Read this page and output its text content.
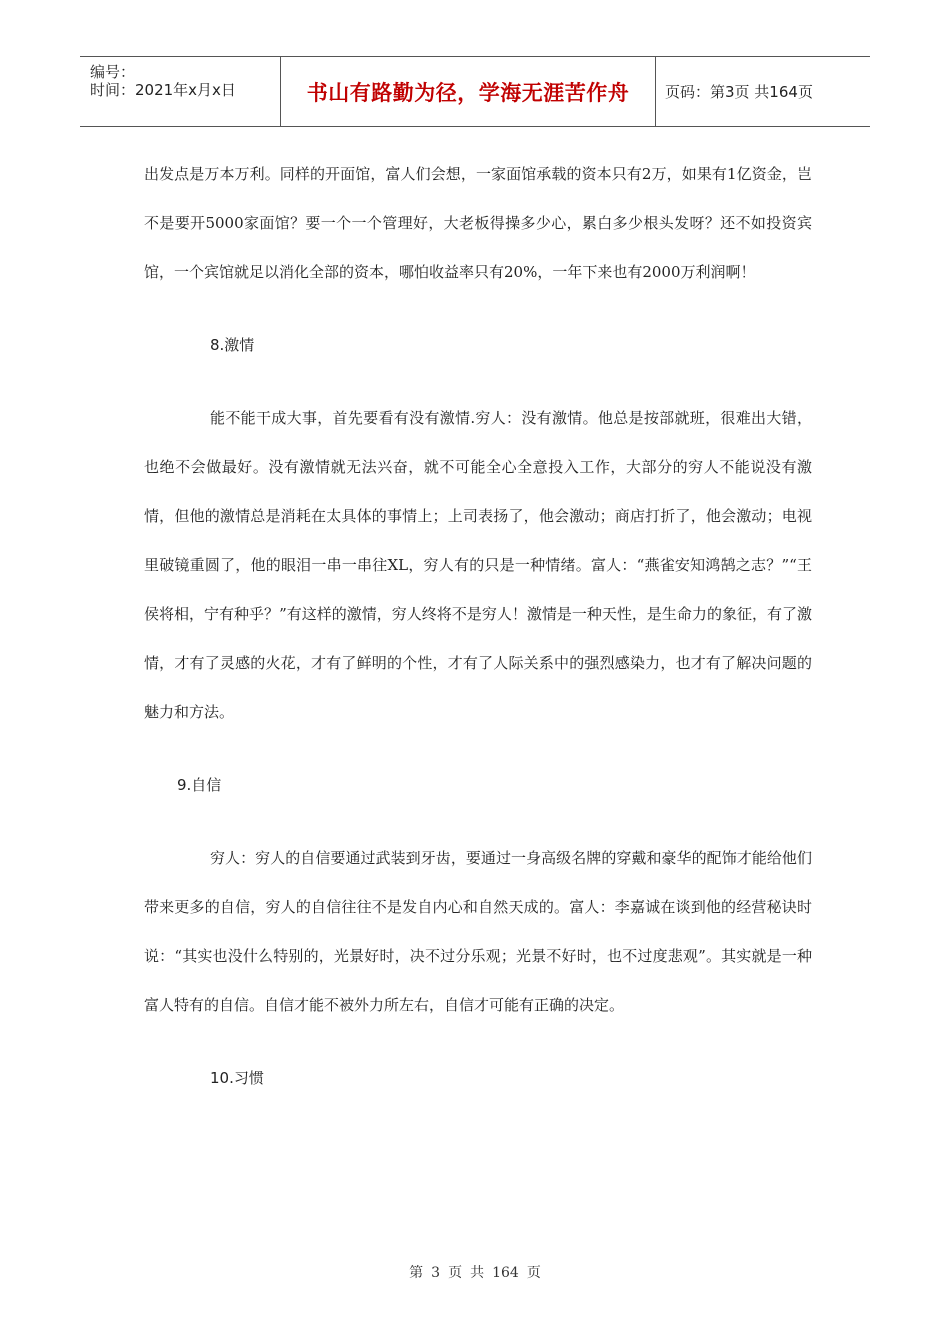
编号：
时间：2021年x月x日	书山有路勤为径，学海无涯苦作舟	页码：第3页 共164页

出发点是万本万利。同样的开面馆，富人们会想，一家面馆承载的资本只有2万，如果有1亿资金，岂不是要开5000家面馆？要一个一个管理好，大老板得操多少心，累白多少根头发呀？还不如投资宾馆，一个宾馆就足以消化全部的资本，哪怕收益率只有20%，一年下来也有2000万利润啊！

8.激情

能不能干成大事，首先要看有没有激情.穷人：没有激情。他总是按部就班，很难出大错，也绝不会做最好。没有激情就无法兴奋，就不可能全心全意投入工作，大部分的穷人不能说没有激情，但他的激情总是消耗在太具体的事情上；上司表扬了，他会激动；商店打折了，他会激动；电视里破镜重圆了，他的眼泪一串一串往XL，穷人有的只是一种情绪。富人：“燕雀安知鸿鹄之志？”“王侯将相，宁有种乎？”有这样的激情，穷人终将不是穷人！激情是一种天性，是生命力的象征，有了激情，才有了灵感的火花，才有了鲜明的个性，才有了人际关系中的强烈感染力，也才有了解决问题的魅力和方法。

9.自信

穷人：穷人的自信要通过武装到牙齿，要通过一身高级名牌的穿戴和豪华的配饰才能给他们带来更多的自信，穷人的自信往往不是发自内心和自然天成的。富人：李嘉诚在谈到他的经营秘诀时说：“其实也没什么特别的，光景好时，决不过分乐观；光景不好时，也不过度悲观”。其实就是一种富人特有的自信。自信才能不被外力所左右，自信才可能有正确的决定。

10.习惯

第 3 页 共 164 页
